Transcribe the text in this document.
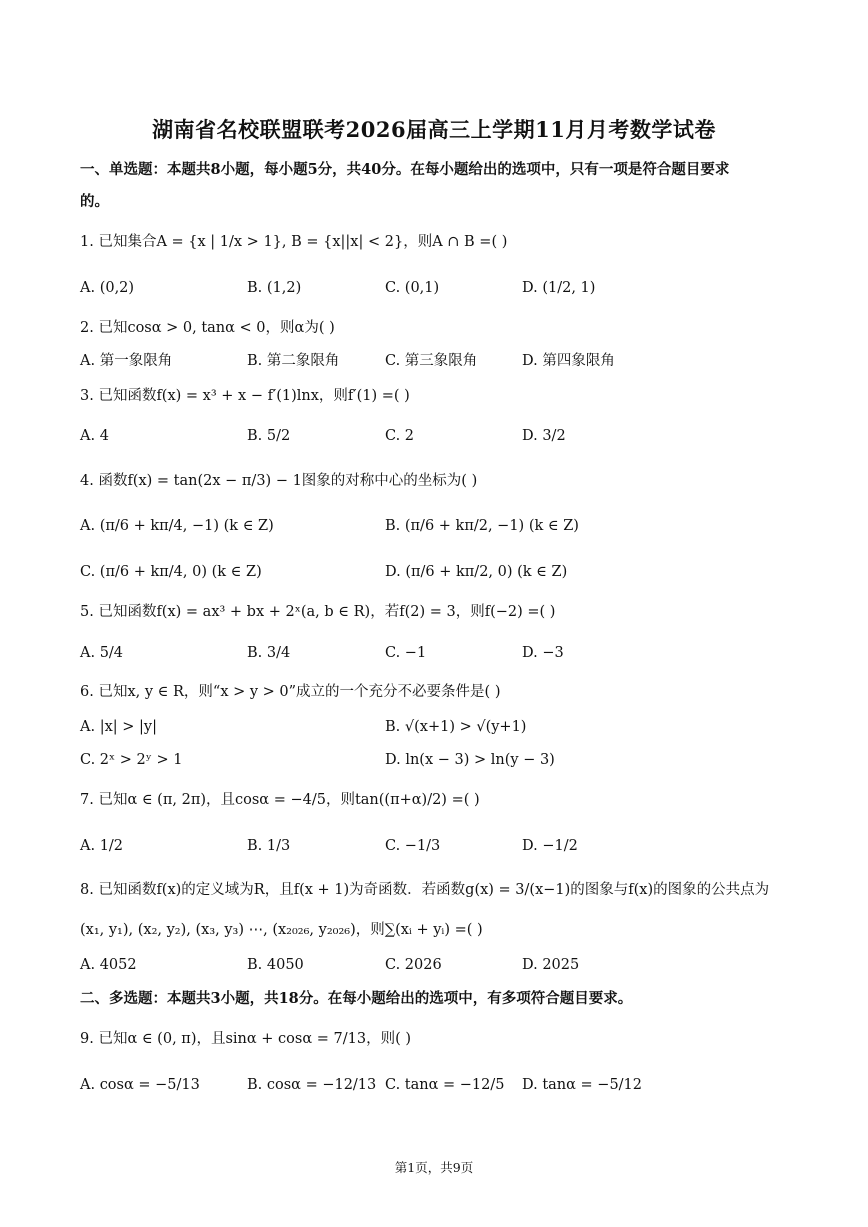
湖南省名校联盟联考2026届高三上学期11月月考数学试卷
一、单选题：本题共8小题，每小题5分，共40分。在每小题给出的选项中，只有一项是符合题目要求
的。
1. 已知集合A = {x | 1/x > 1}, B = {x||x| < 2}，则A ∩ B =( )
A. (0,2)	B. (1,2)	C. (0,1)	D. (1/2, 1)
2. 已知cosα > 0, tanα < 0，则α为( )
A. 第一象限角	B. 第二象限角	C. 第三象限角	D. 第四象限角
3. 已知函数f(x) = x³ + x − f′(1)lnx，则f′(1) =( )
A. 4	B. 5/2	C. 2	D. 3/2
4. 函数f(x) = tan(2x − π/3) − 1图象的对称中心的坐标为( )
A. (π/6 + kπ/4, −1) (k ∈ Z)	B. (π/6 + kπ/2, −1) (k ∈ Z)
C. (π/6 + kπ/4, 0) (k ∈ Z)	D. (π/6 + kπ/2, 0) (k ∈ Z)
5. 已知函数f(x) = ax³ + bx + 2ˣ(a, b ∈ R)，若f(2) = 3，则f(−2) =( )
A. 5/4	B. 3/4	C. −1	D. −3
6. 已知x, y ∈ R，则“x > y > 0”成立的一个充分不必要条件是( )
A. |x| > |y|	B. √(x+1) > √(y+1)
C. 2ˣ > 2ʸ > 1	D. ln(x − 3) > ln(y − 3)
7. 已知α ∈ (π, 2π)，且cosα = −4/5，则tan((π+α)/2) =( )
A. 1/2	B. 1/3	C. −1/3	D. −1/2
8. 已知函数f(x)的定义域为R，且f(x + 1)为奇函数．若函数g(x) = 3/(x−1)的图象与f(x)的图象的公共点为
(x₁, y₁), (x₂, y₂), (x₃, y₃) ⋯, (x₂₀₂₆, y₂₀₂₆)，则∑(xᵢ + yᵢ) =( )
A. 4052	B. 4050	C. 2026	D. 2025
二、多选题：本题共3小题，共18分。在每小题给出的选项中，有多项符合题目要求。
9. 已知α ∈ (0, π)，且sinα + cosα = 7/13，则( )
A. cosα = −5/13	B. cosα = −12/13 C. tanα = −12/5 D. tanα = −5/12
第1页，共9页
